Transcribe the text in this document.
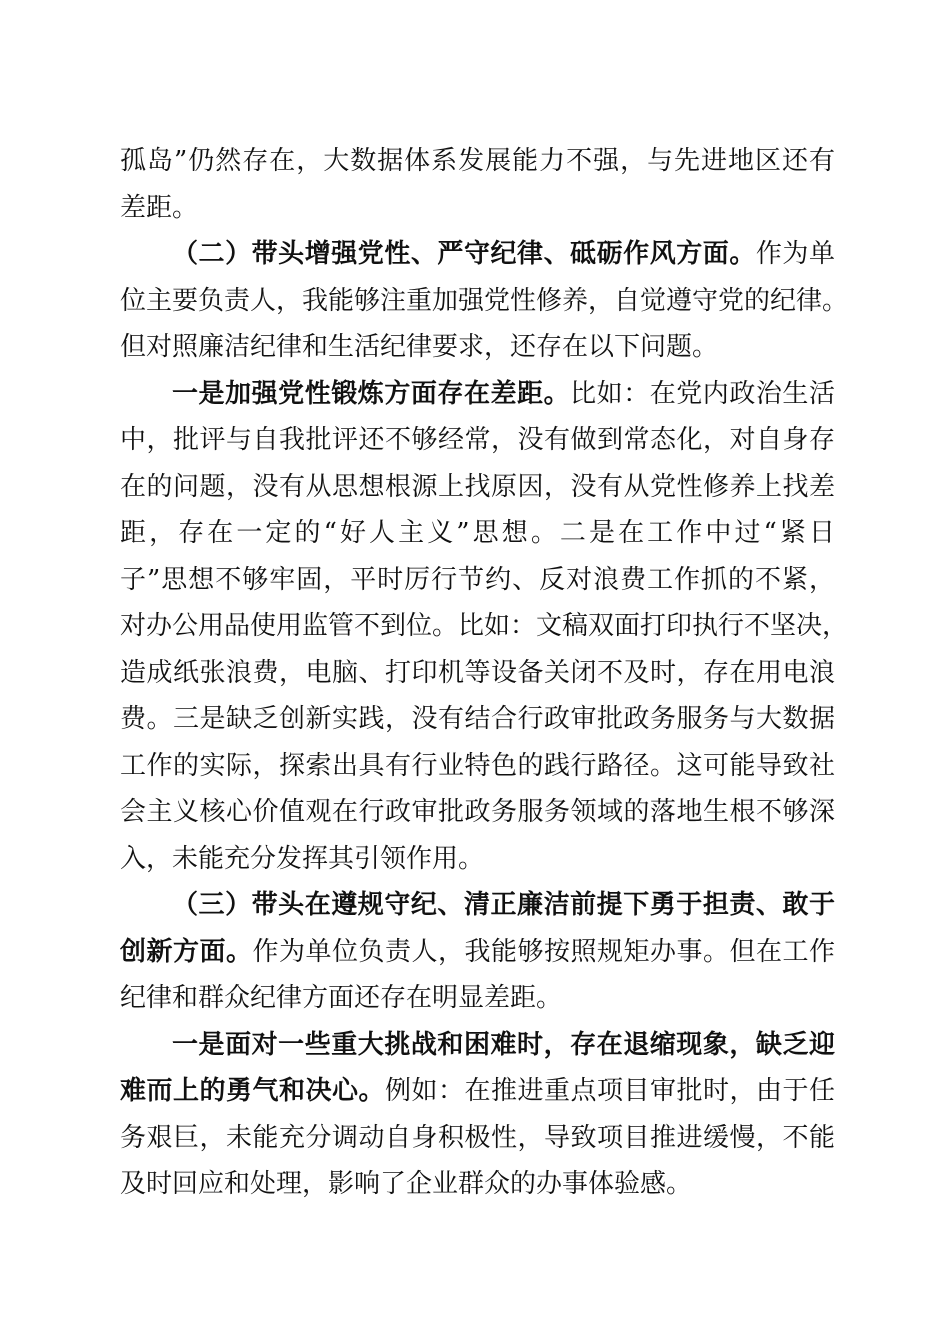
孤岛”仍然存在，大数据体系发展能力不强，与先进地区还有
差距。
（二）带头增强党性、严守纪律、砥砺作风方面。作为单
位主要负责人，我能够注重加强党性修养，自觉遵守党的纪律。
但对照廉洁纪律和生活纪律要求，还存在以下问题。
一是加强党性锻炼方面存在差距。比如：在党内政治生活
中，批评与自我批评还不够经常，没有做到常态化，对自身存
在的问题，没有从思想根源上找原因，没有从党性修养上找差
距，存在一定的“好人主义”思想。二是在工作中过“紧日
子”思想不够牢固，平时厉行节约、反对浪费工作抓的不紧，
对办公用品使用监管不到位。比如：文稿双面打印执行不坚决，
造成纸张浪费，电脑、打印机等设备关闭不及时，存在用电浪
费。三是缺乏创新实践，没有结合行政审批政务服务与大数据
工作的实际，探索出具有行业特色的践行路径。这可能导致社
会主义核心价值观在行政审批政务服务领域的落地生根不够深
入，未能充分发挥其引领作用。
（三）带头在遵规守纪、清正廉洁前提下勇于担责、敢于
创新方面。作为单位负责人，我能够按照规矩办事。但在工作
纪律和群众纪律方面还存在明显差距。
一是面对一些重大挑战和困难时，存在退缩现象，缺乏迎
难而上的勇气和决心。例如：在推进重点项目审批时，由于任
务艰巨，未能充分调动自身积极性，导致项目推进缓慢，不能
及时回应和处理，影响了企业群众的办事体验感。
